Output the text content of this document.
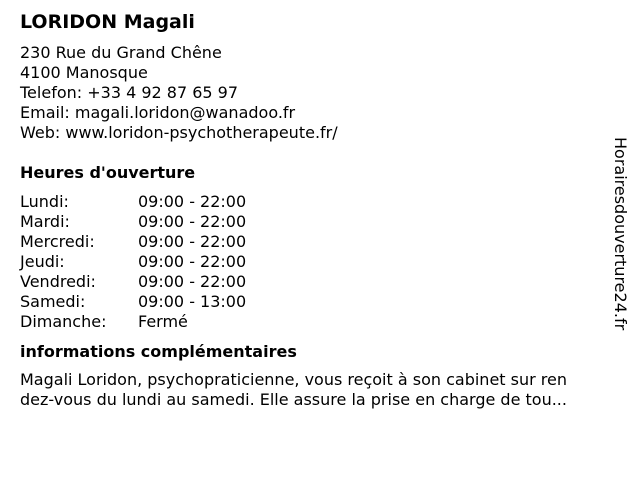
LORIDON Magali
230 Rue du Grand Chêne
4100 Manosque
Telefon: +33 4 92 87 65 97
Email: magali.loridon@wanadoo.fr
Web: www.loridon-psychotherapeute.fr/
Heures d'ouverture
Lundi:	09:00 - 22:00
Mardi:	09:00 - 22:00
Mercredi:	09:00 - 22:00
Jeudi:	09:00 - 22:00
Vendredi:	09:00 - 22:00
Samedi:	09:00 - 13:00
Dimanche:	Fermé
informations complémentaires
Magali Loridon, psychopraticienne, vous reçoit à son cabinet sur ren
dez-vous du lundi au samedi. Elle assure la prise en charge de tou...
Horairesdouverture24.fr
